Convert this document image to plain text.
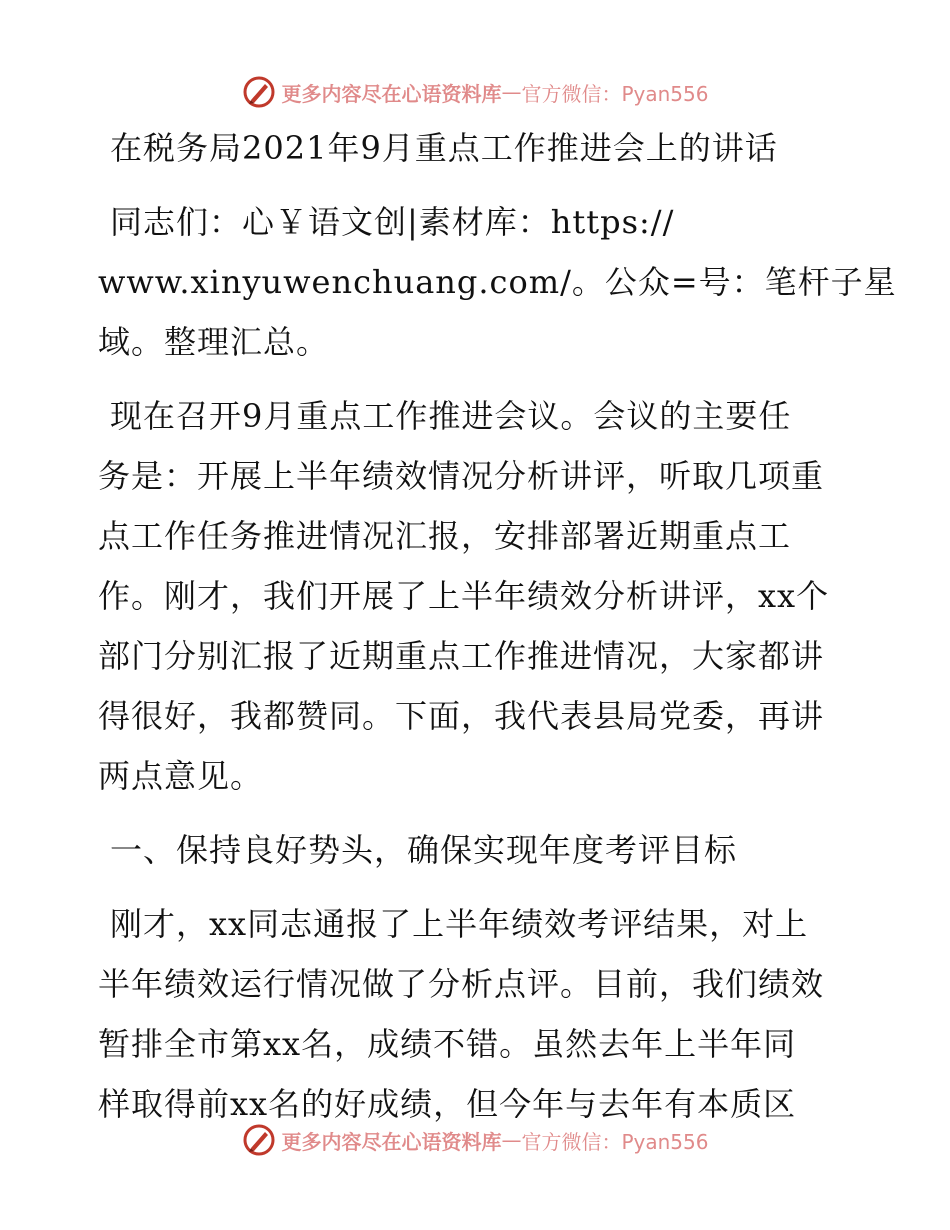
更多内容尽在心语资料库 — 官方微信：Pyan556
在税务局2021年9月重点工作推进会上的讲话
同志们：心￥语文创|素材库：https://
www.xinyuwenchuang.com/。公众=号：笔杆子星
域。整理汇总。
现在召开9月重点工作推进会议。会议的主要任
务是：开展上半年绩效情况分析讲评，听取几项重
点工作任务推进情况汇报，安排部署近期重点工
作。刚才，我们开展了上半年绩效分析讲评，xx个
部门分别汇报了近期重点工作推进情况，大家都讲
得很好，我都赞同。下面，我代表县局党委，再讲
两点意见。
一、保持良好势头，确保实现年度考评目标
刚才，xx同志通报了上半年绩效考评结果，对上
半年绩效运行情况做了分析点评。目前，我们绩效
暂排全市第xx名，成绩不错。虽然去年上半年同
样取得前xx名的好成绩，但今年与去年有本质区
更多内容尽在心语资料库 — 官方微信：Pyan556
